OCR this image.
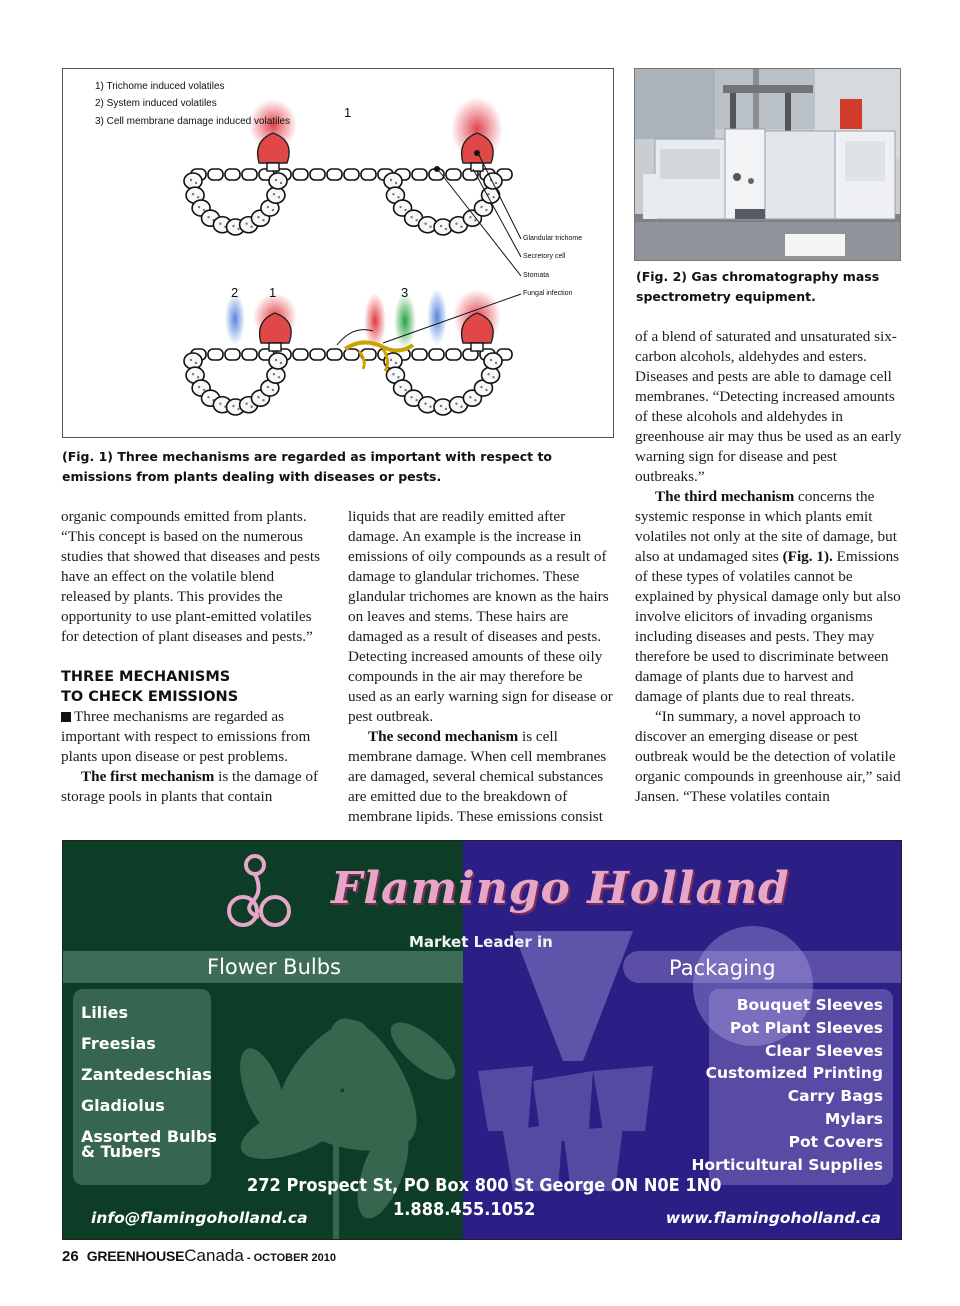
1) Trichome induced volatiles
2) System induced volatiles
3) Cell membrane damage induced volatiles
1
2 1	3
Glandular trichome
Secretory cell
Stomata
Fungal infection
(Fig. 1) Three mechanisms are regarded as important with respect to emissions from plants dealing with diseases or pests.
(Fig. 2) Gas chromatography mass spectrometry equipment.

organic compounds emitted from plants. “This concept is based on the numerous studies that showed that diseases and pests have an effect on the volatile blend released by plants. This provides the opportunity to use plant-emitted volatiles for detection of plant diseases and pests.”

THREE MECHANISMS
TO CHECK EMISSIONS

Three mechanisms are regarded as important with respect to emissions from plants upon disease or pest problems.

The first mechanism is the damage of storage pools in plants that contain

liquids that are readily emitted after damage. An example is the increase in emissions of oily compounds as a result of damage to glandular trichomes. These glandular trichomes are known as the hairs on leaves and stems. These hairs are damaged as a result of diseases and pests. Detecting increased amounts of these oily compounds in the air may therefore be used as an early warning sign for disease or pest outbreak.

The second mechanism is cell membrane damage. When cell membranes are damaged, several chemical substances are emitted due to the breakdown of membrane lipids. These emissions consist

of a blend of saturated and unsaturated six-carbon alcohols, aldehydes and esters. Diseases and pests are able to damage cell membranes. “Detecting increased amounts of these alcohols and aldehydes in greenhouse air may thus be used as an early warning sign for disease and pest outbreaks.”

The third mechanism concerns the systemic response in which plants emit volatiles not only at the site of damage, but also at undamaged sites (Fig. 1). Emissions of these types of volatiles cannot be explained by physical damage only but also involve elicitors of invading organisms including diseases and pests. They may therefore be used to discriminate between damage of plants due to harvest and damage of plants due to real threats.

“In summary, a novel approach to discover an emerging disease or pest outbreak would be the detection of volatile organic compounds in greenhouse air,” said Jansen. “These volatiles contain

Flamingo Holland
Market Leader in
Flower Bulbs	Packaging
Lilies
Freesias
Zantedeschias
Gladiolus
Assorted Bulbs
& Tubers
Bouquet Sleeves
Pot Plant Sleeves
Clear Sleeves
Customized Printing
Carry Bags
Mylars
Pot Covers
Horticultural Supplies
272 Prospect St, PO Box 800 St George ON N0E 1N0
1.888.455.1052
info@flamingoholland.ca	www.flamingoholland.ca
26 GREENHOUSECanada - OCTOBER 2010
